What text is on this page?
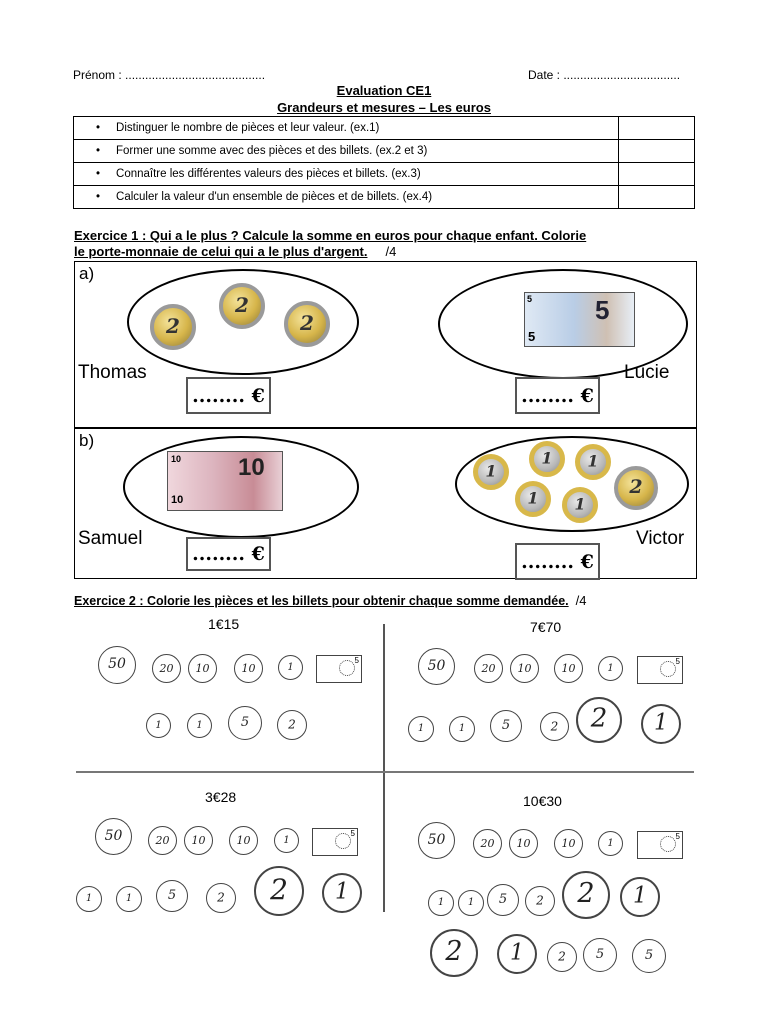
Prénom : ..........................................	Date : ...................................
Evaluation CE1
Grandeurs et mesures – Les euros
• Distinguer le nombre de pièces et leur valeur. (ex.1)	
• Former une somme avec des pièces et des billets. (ex.2 et 3)	
• Connaître les différentes valeurs des pièces et billets. (ex.3)	
• Calculer la valeur d'un ensemble de pièces et de billets. (ex.4)	
Exercice 1 : Qui a le plus ? Calcule la somme en euros pour chaque enfant. Colorie
le porte-monnaie de celui qui a le plus d'argent. /4
a)
b)
2
2
2
5 5
5
Thomas	Lucie
........ €	........ €
10 10
10
1
1	1
1	1
2
Samuel	Victor
........ €	........ €
Exercice 2 : Colorie les pièces et les billets pour obtenir chaque somme demandée. /4
1€15	7€70
3€28	10€30
50	20	10	10	1
5
1	1	5	2
50	20	10	10	1
5
1	1	5	2	2	1
50	20	10	10	1
5
1	1	5	2	2	1
50	20	10	10	1
5
1	1	5	2	2	1
2	1	2	5	5
